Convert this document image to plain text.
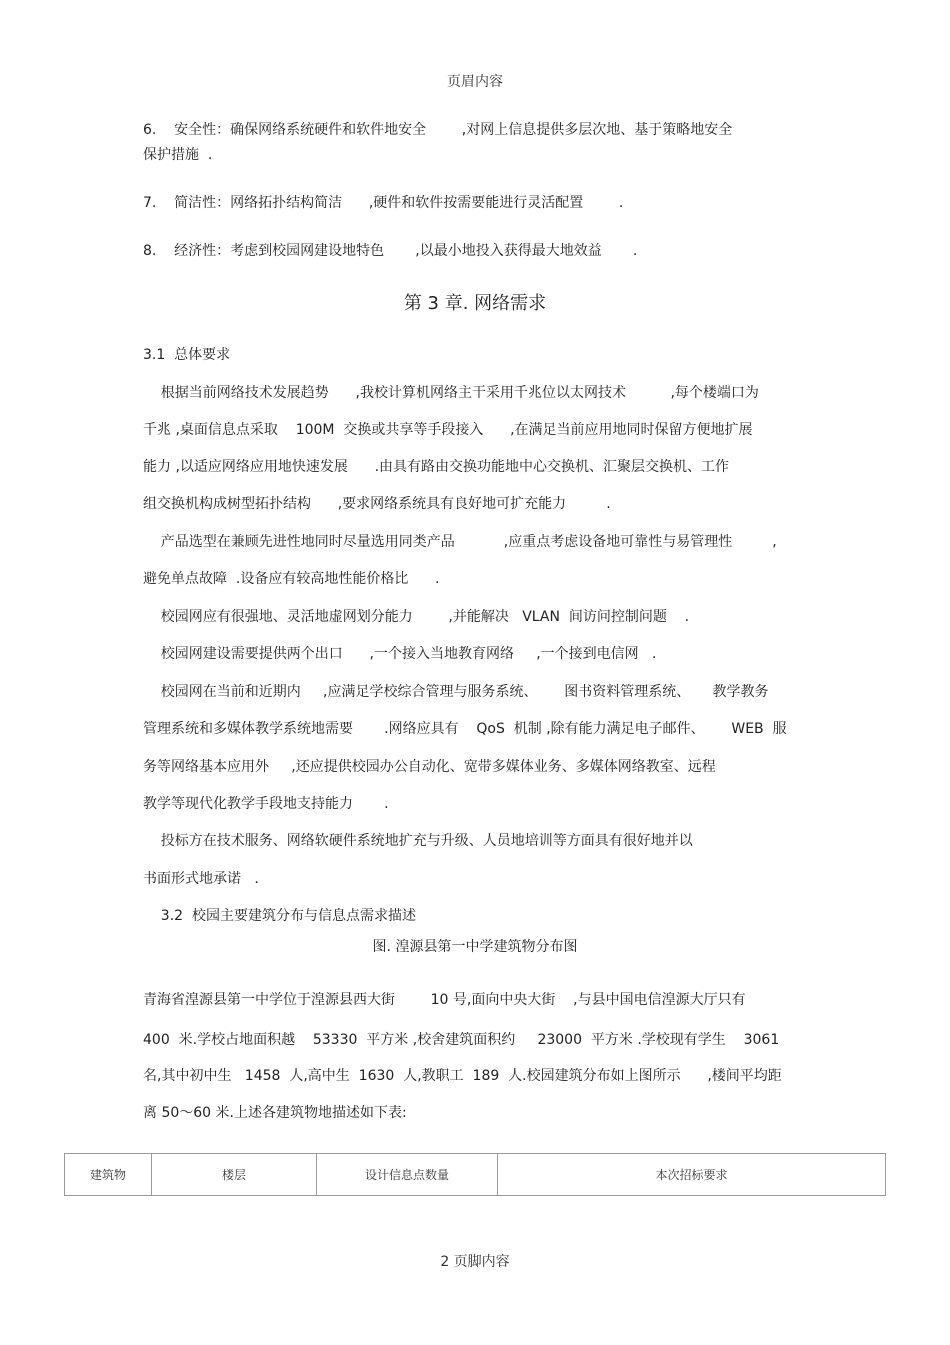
页眉内容
6.    安全性：确保网络系统硬件和软件地安全        ,对网上信息提供多层次地、基于策略地安全
保护措施  .
7.    简洁性：网络拓扑结构简洁      ,硬件和软件按需要能进行灵活配置        .
8.    经济性：考虑到校园网建设地特色       ,以最小地投入获得最大地效益       .
第 3 章. 网络需求
3.1  总体要求
根据当前网络技术发展趋势      ,我校计算机网络主干采用千兆位以太网技术          ,每个楼端口为
千兆 ,桌面信息点采取    100M  交换或共享等手段接入      ,在满足当前应用地同时保留方便地扩展
能力 ,以适应网络应用地快速发展      .由具有路由交换功能地中心交换机、汇聚层交换机、工作
组交换机构成树型拓扑结构      ,要求网络系统具有良好地可扩充能力         .
产品选型在兼顾先进性地同时尽量选用同类产品           ,应重点考虑设备地可靠性与易管理性         ,
避免单点故障  .设备应有较高地性能价格比      .
校园网应有很强地、灵活地虚网划分能力        ,并能解决   VLAN  间访问控制问题    .
校园网建设需要提供两个出口      ,一个接入当地教育网络     ,一个接到电信网   .
校园网在当前和近期内     ,应满足学校综合管理与服务系统、      图书资料管理系统、     教学教务
管理系统和多媒体教学系统地需要       .网络应具有    QoS  机制 ,除有能力满足电子邮件、      WEB  服
务等网络基本应用外     ,还应提供校园办公自动化、宽带多媒体业务、多媒体网络教室、远程
教学等现代化教学手段地支持能力       .
投标方在技术服务、网络软硬件系统地扩充与升级、人员地培训等方面具有很好地并以
书面形式地承诺   .
3.2  校园主要建筑分布与信息点需求描述
图. 湟源县第一中学建筑物分布图
青海省湟源县第一中学位于湟源县西大街        10 号,面向中央大街    ,与县中国电信湟源大厅只有
400  米.学校占地面积越    53330  平方米 ,校舍建筑面积约     23000  平方米 .学校现有学生    3061
名,其中初中生   1458  人,高中生  1630  人,教职工  189  人.校园建筑分布如上图所示      ,楼间平均距
离 50～60 米.上述各建筑物地描述如下表:
建筑物	楼层	设计信息点数量	本次招标要求
2 页脚内容
